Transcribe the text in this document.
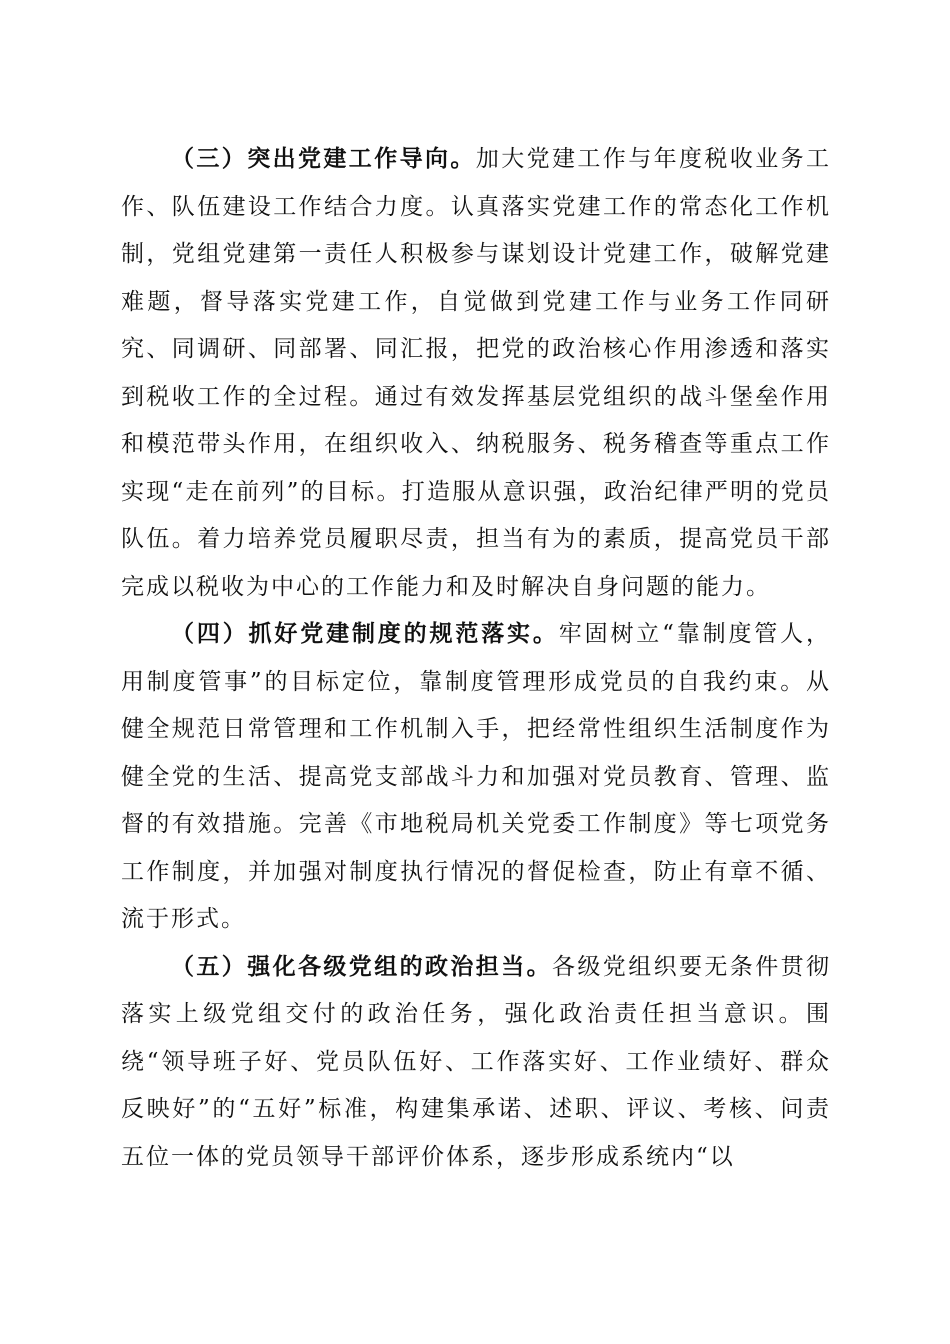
（三）突出党建工作导向。加大党建工作与年度税收业务工作、队伍建设工作结合力度。认真落实党建工作的常态化工作机制，党组党建第一责任人积极参与谋划设计党建工作，破解党建难题，督导落实党建工作，自觉做到党建工作与业务工作同研究、同调研、同部署、同汇报，把党的政治核心作用渗透和落实到税收工作的全过程。通过有效发挥基层党组织的战斗堡垒作用和模范带头作用，在组织收入、纳税服务、税务稽查等重点工作实现“走在前列”的目标。打造服从意识强，政治纪律严明的党员队伍。着力培养党员履职尽责，担当有为的素质，提高党员干部完成以税收为中心的工作能力和及时解决自身问题的能力。

（四）抓好党建制度的规范落实。牢固树立“靠制度管人，用制度管事”的目标定位，靠制度管理形成党员的自我约束。从健全规范日常管理和工作机制入手，把经常性组织生活制度作为健全党的生活、提高党支部战斗力和加强对党员教育、管理、监督的有效措施。完善《市地税局机关党委工作制度》等七项党务工作制度，并加强对制度执行情况的督促检查，防止有章不循、流于形式。

（五）强化各级党组的政治担当。各级党组织要无条件贯彻落实上级党组交付的政治任务，强化政治责任担当意识。围绕“领导班子好、党员队伍好、工作落实好、工作业绩好、群众反映好”的“五好”标准，构建集承诺、述职、评议、考核、问责五位一体的党员领导干部评价体系，逐步形成系统内“以
